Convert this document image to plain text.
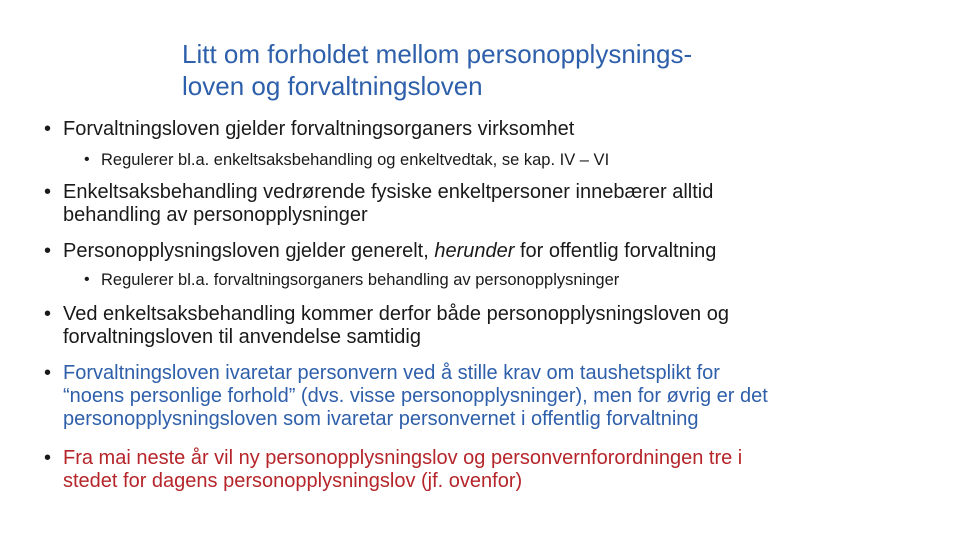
Litt om forholdet mellom personopplysnings-
loven og forvaltningsloven
• Forvaltningsloven gjelder forvaltningsorganers virksomhet
• Regulerer bl.a. enkeltsaksbehandling og enkeltvedtak, se kap. IV – VI
• Enkeltsaksbehandling vedrørende fysiske enkeltpersoner innebærer alltid
behandling av personopplysninger
• Personopplysningsloven gjelder generelt, herunder for offentlig forvaltning
• Regulerer bl.a. forvaltningsorganers behandling av personopplysninger
• Ved enkeltsaksbehandling kommer derfor både personopplysningsloven og
forvaltningsloven til anvendelse samtidig
• Forvaltningsloven ivaretar personvern ved å stille krav om taushetsplikt for
“noens personlige forhold” (dvs. visse personopplysninger), men for øvrig er det
personopplysningsloven som ivaretar personvernet i offentlig forvaltning
• Fra mai neste år vil ny personopplysningslov og personvernforordningen tre i
stedet for dagens personopplysningslov (jf. ovenfor)
